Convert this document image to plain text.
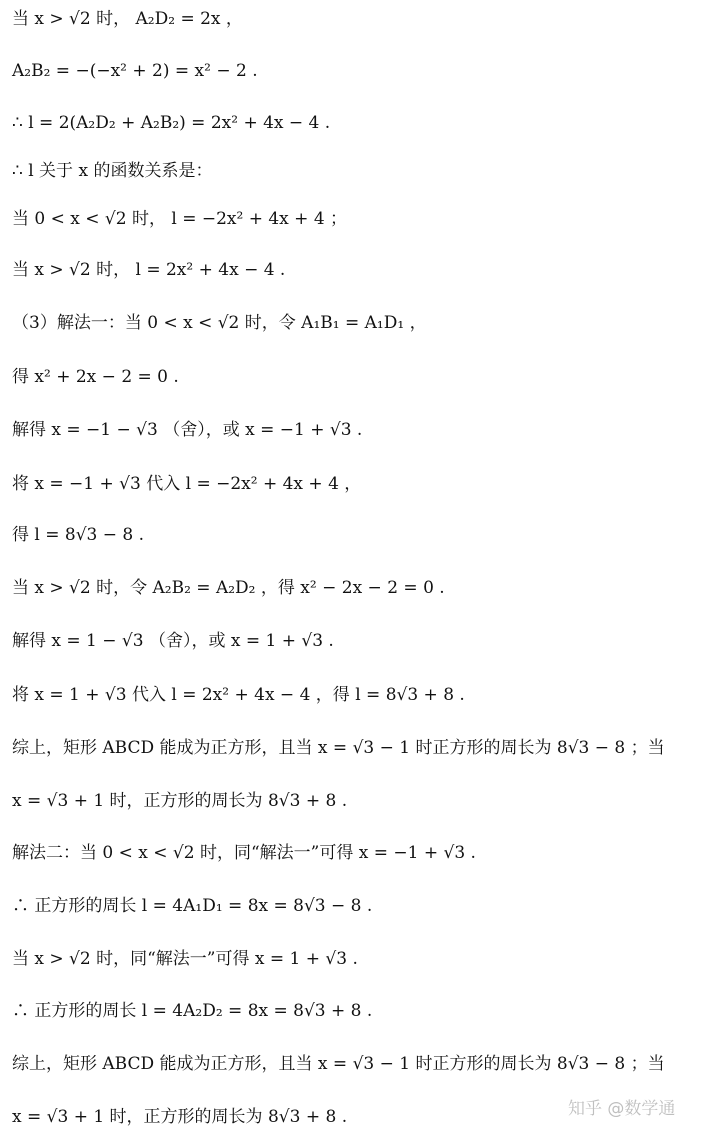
当 x > √2 时， A₂D₂ = 2x ，
A₂B₂ = −(−x² + 2) = x² − 2 .
∴ l = 2(A₂D₂ + A₂B₂) = 2x² + 4x − 4 .
∴ l 关于 x 的函数关系是：
当 0 < x < √2 时， l = −2x² + 4x + 4 ；
当 x > √2 时， l = 2x² + 4x − 4 .
（3）解法一：当 0 < x < √2 时，令 A₁B₁ = A₁D₁ ，
得 x² + 2x − 2 = 0 .
解得 x = −1 − √3 （舍），或 x = −1 + √3 .
将 x = −1 + √3 代入 l = −2x² + 4x + 4 ，
得 l = 8√3 − 8 .
当 x > √2 时，令 A₂B₂ = A₂D₂ ，得 x² − 2x − 2 = 0 .
解得 x = 1 − √3 （舍），或 x = 1 + √3 .
将 x = 1 + √3 代入 l = 2x² + 4x − 4 ，得 l = 8√3 + 8 .
综上，矩形 ABCD 能成为正方形，且当 x = √3 − 1 时正方形的周长为 8√3 − 8 ；当
x = √3 + 1 时，正方形的周长为 8√3 + 8 .
解法二：当 0 < x < √2 时，同“解法一”可得 x = −1 + √3 .
∴ 正方形的周长 l = 4A₁D₁ = 8x = 8√3 − 8 .
当 x > √2 时，同“解法一”可得 x = 1 + √3 .
∴ 正方形的周长 l = 4A₂D₂ = 8x = 8√3 + 8 .
综上，矩形 ABCD 能成为正方形，且当 x = √3 − 1 时正方形的周长为 8√3 − 8 ；当
x = √3 + 1 时，正方形的周长为 8√3 + 8 .	知乎 @数学通
